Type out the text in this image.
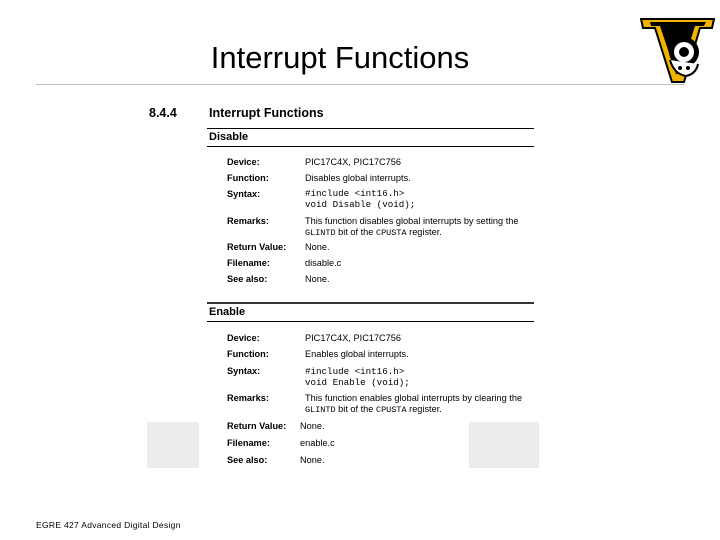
Interrupt Functions
8.4.4	Interrupt Functions
Disable
Device:	PIC17C4X, PIC17C756
Function:	Disables global interrupts.
Syntax:	#include <int16.h>
void Disable (void);
Remarks:	This function disables global interrupts by setting the
GLINTD bit of the CPUSTA register.
Return Value: None.
Filename:	disable.c
See also:	None.
Enable
Device:	PIC17C4X, PIC17C756
Function:	Enables global interrupts.
Syntax:	#include <int16.h>
void Enable (void);
Remarks:	This function enables global interrupts by clearing the
GLINTD bit of the CPUSTA register.
Return Value: None.
Filename:	enable.c
See also:	None.
EGRE 427 Advanced Digital Design
